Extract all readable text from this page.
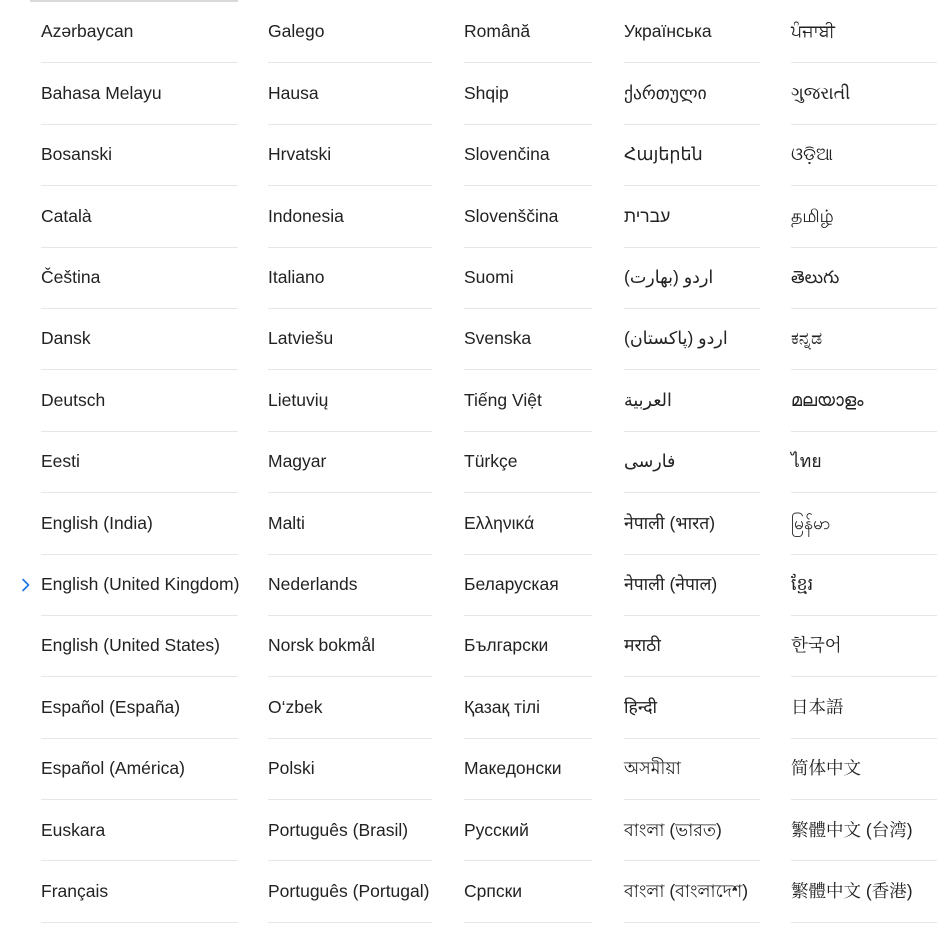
Azərbaycan
Bahasa Melayu
Bosanski
Català
Čeština
Dansk
Deutsch
Eesti
English (India)
English (United Kingdom)
English (United States)
Español (España)
Español (América)
Euskara
Français
Galego
Hausa
Hrvatski
Indonesia
Italiano
Latviešu
Lietuvių
Magyar
Malti
Nederlands
Norsk bokmål
O‘zbek
Polski
Português (Brasil)
Português (Portugal)
Română
Shqip
Slovenčina
Slovenščina
Suomi
Svenska
Tiếng Việt
Türkçe
Ελληνικά
Беларуская
Български
Қазақ тілі
Македонски
Русский
Српски
Українська
ქართული
Հայերեն
עברית
اردو (بھارت)
اردو (پاکستان)
العربية
فارسی
नेपाली (भारत)
नेपाली (नेपाल)
मराठी
हिन्दी
অসমীয়া
বাংলা (ভারত)
বাংলা (বাংলাদেশ)
ਪੰਜਾਬੀ
ગુજરાતી
ଓଡ଼ିଆ
தமிழ்
తెలుగు
ಕನ್ನಡ
മലയാളം
ไทย
မြန်မာ
ខ្មែរ
한국어
日本語
简体中文
繁體中文 (台湾)
繁體中文 (香港)
